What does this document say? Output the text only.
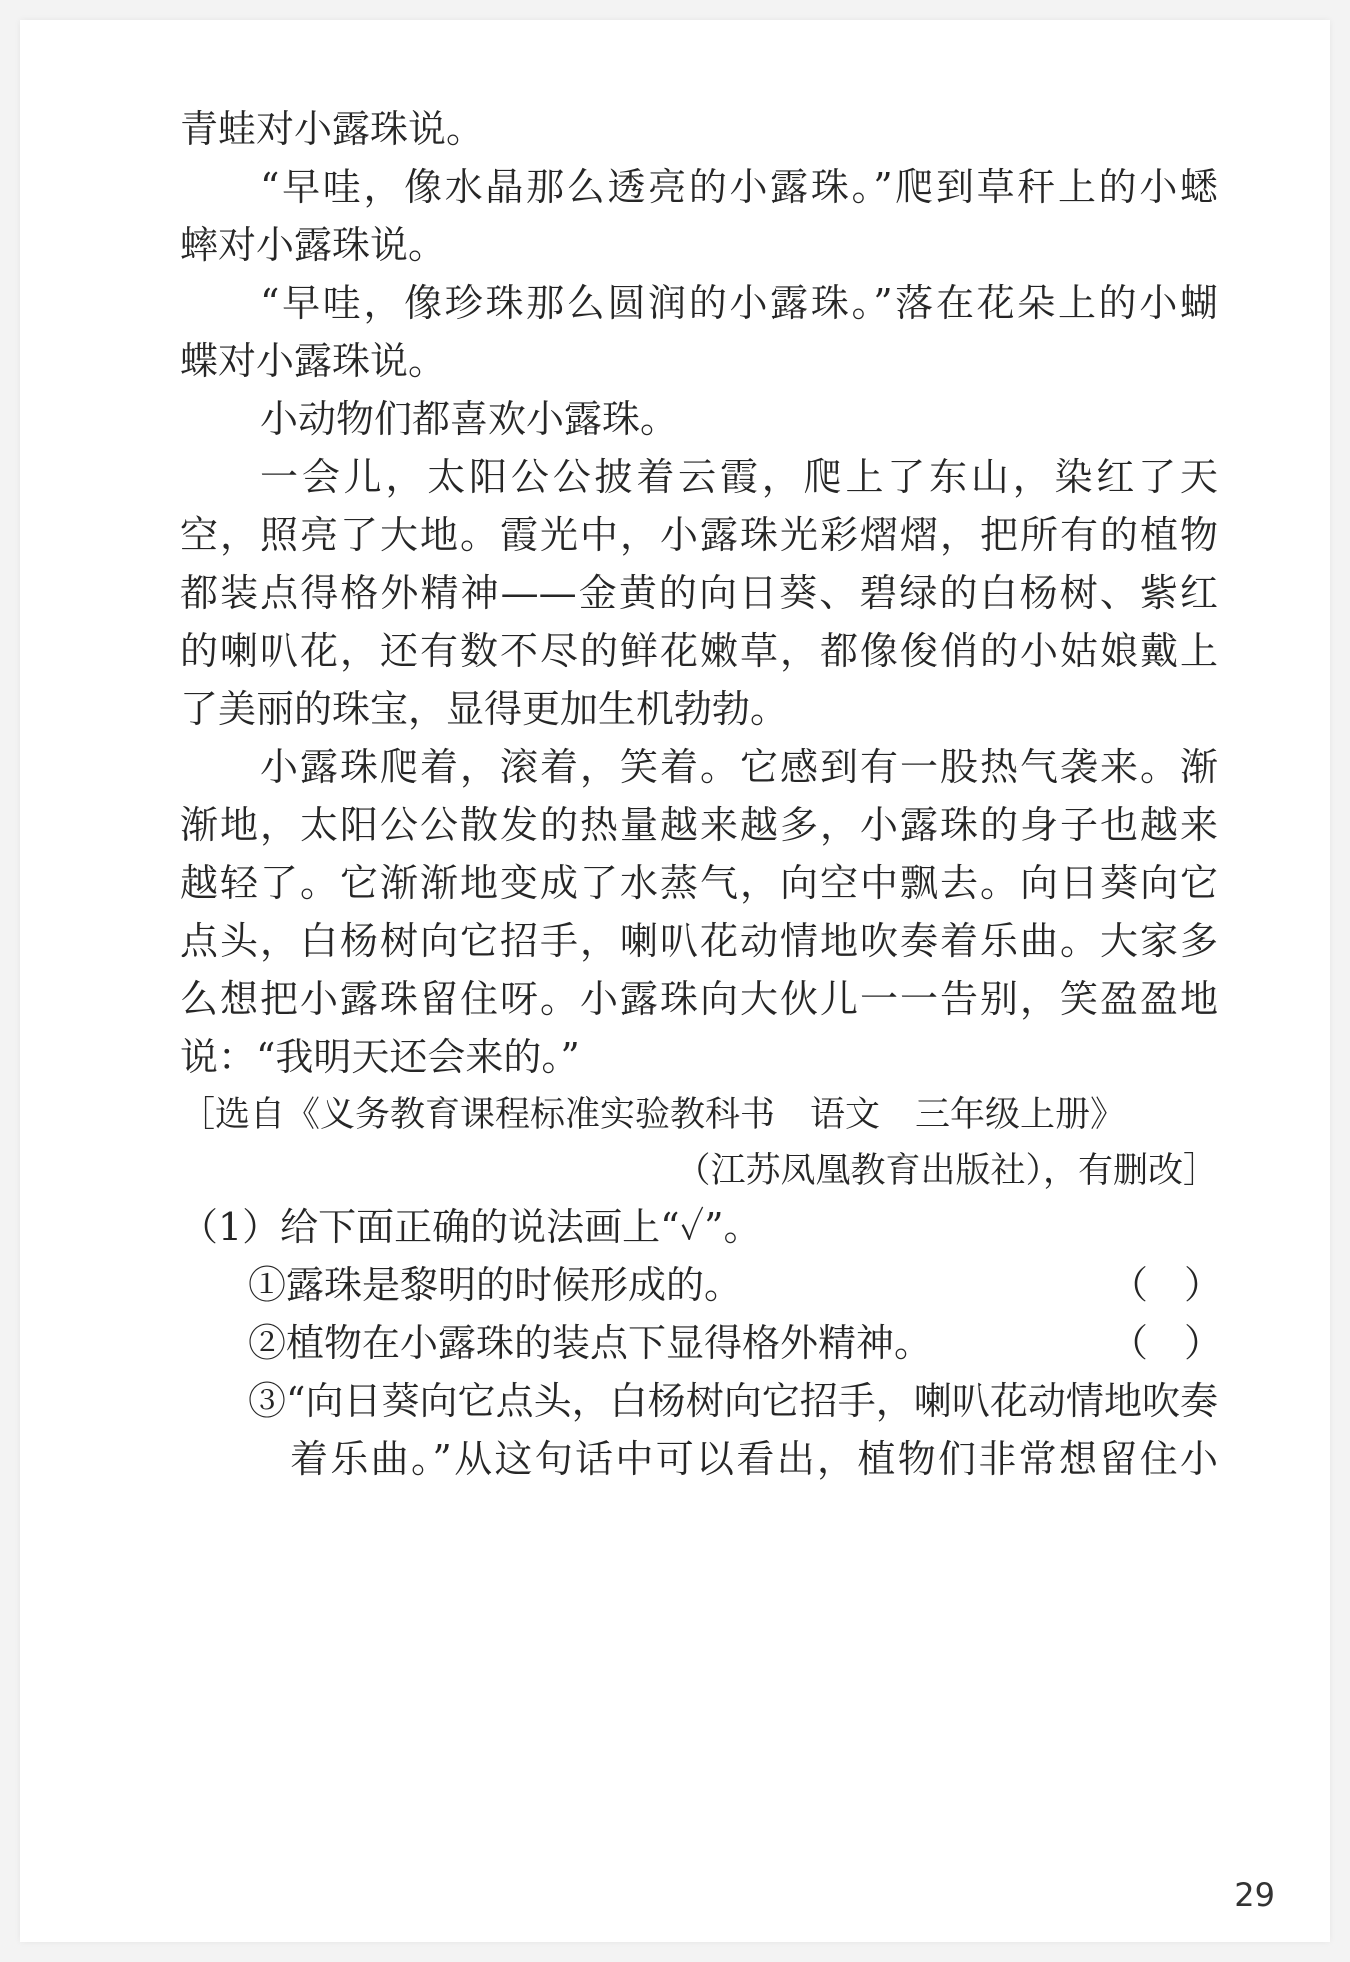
青蛙对小露珠说。
“早哇，像水晶那么透亮的小露珠。”爬到草秆上的小蟋
蟀对小露珠说。
“早哇，像珍珠那么圆润的小露珠。”落在花朵上的小蝴
蝶对小露珠说。
小动物们都喜欢小露珠。
一会儿，太阳公公披着云霞，爬上了东山，染红了天
空，照亮了大地。霞光中，小露珠光彩熠熠，把所有的植物
都装点得格外精神——金黄的向日葵、碧绿的白杨树、紫红
的喇叭花，还有数不尽的鲜花嫩草，都像俊俏的小姑娘戴上
了美丽的珠宝，显得更加生机勃勃。
小露珠爬着，滚着，笑着。它感到有一股热气袭来。渐
渐地，太阳公公散发的热量越来越多，小露珠的身子也越来
越轻了。它渐渐地变成了水蒸气，向空中飘去。向日葵向它
点头，白杨树向它招手，喇叭花动情地吹奏着乐曲。大家多
么想把小露珠留住呀。小露珠向大伙儿一一告别，笑盈盈地
说：“我明天还会来的。”
［选自《义务教育课程标准实验教科书　语文　三年级上册》
（江苏凤凰教育出版社），有删改］
（1）给下面正确的说法画上“✓”。
①露珠是黎明的时候形成的。	（ ）
②植物在小露珠的装点下显得格外精神。	（ ）
③“向日葵向它点头，白杨树向它招手，喇叭花动情地吹奏
着乐曲。”从这句话中可以看出，植物们非常想留住小
29
